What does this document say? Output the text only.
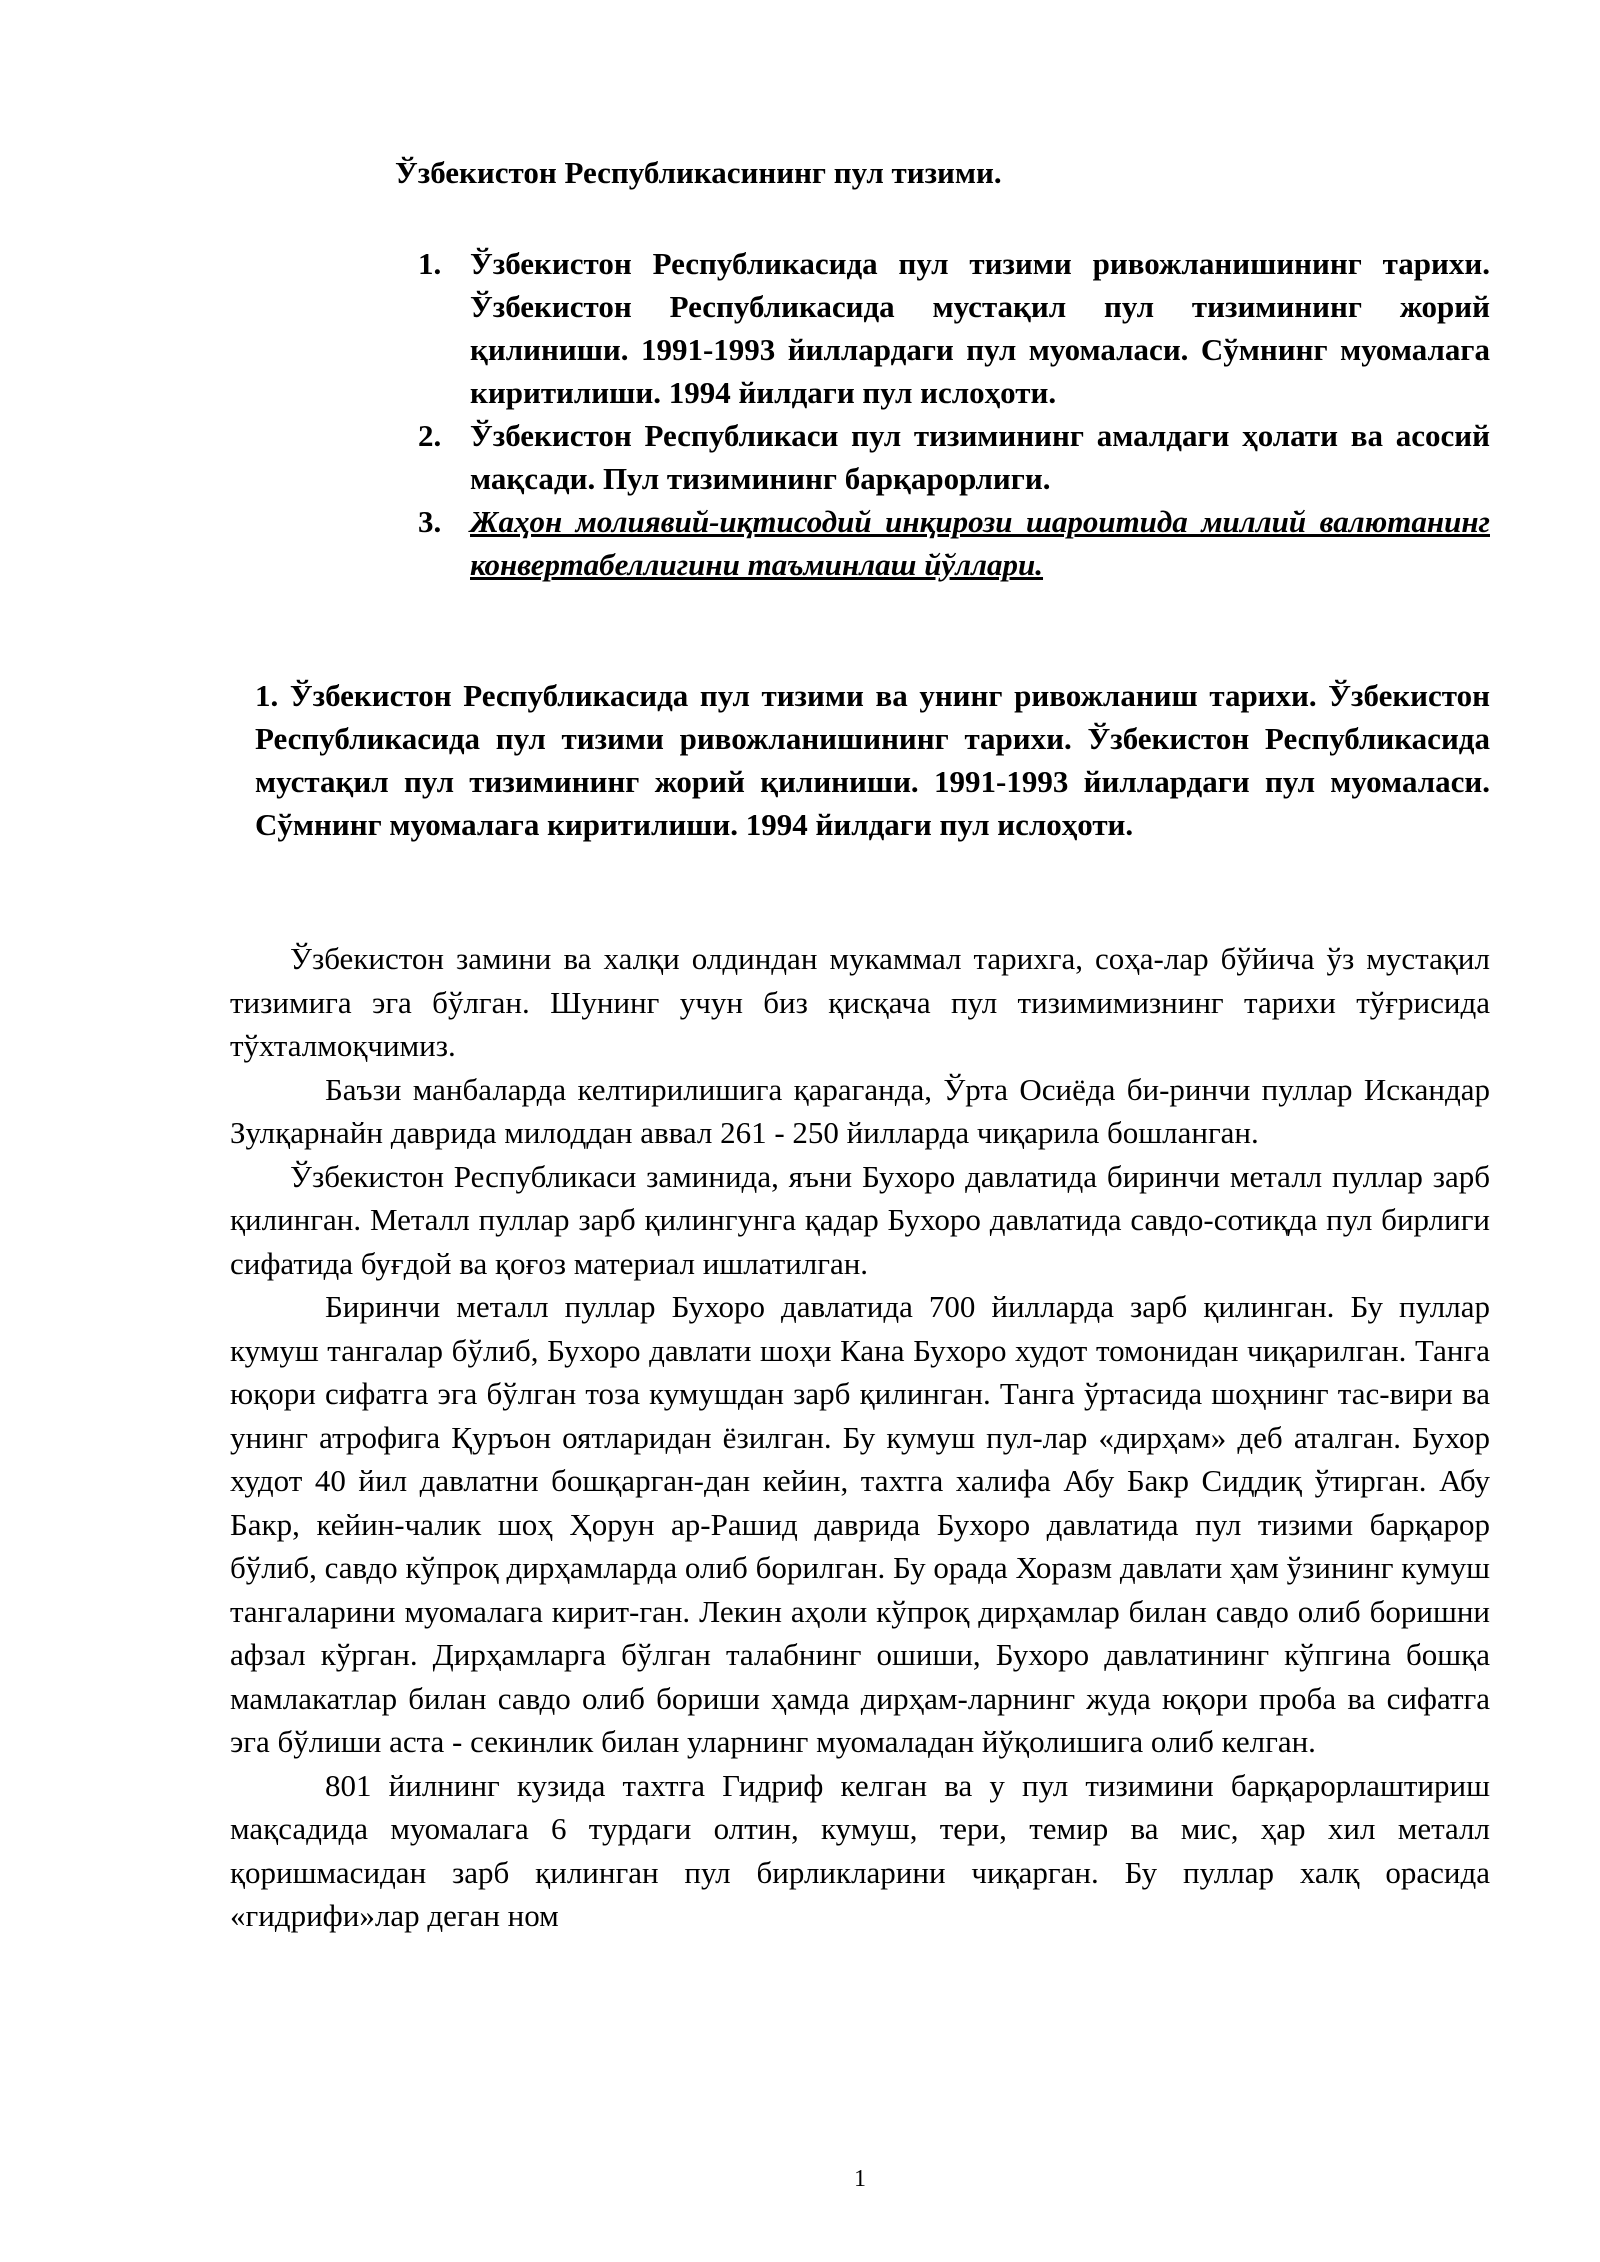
Ўзбекистон Республикасининг пул тизими.
1. Ўзбекистон Республикасида пул тизими ривожланишининг тарихи. Ўзбекистон Республикасида мустақил пул тизимининг жорий қилиниши. 1991-1993 йиллардаги пул муомаласи. Сўмнинг муомалага киритилиши. 1994 йилдаги пул ислоҳоти.
2. Ўзбекистон Республикаси пул тизимининг амалдаги ҳолати ва асосий мақсади. Пул тизимининг барқарорлиги.
3. Жаҳон молиявий-иқтисодий инқирози шароитида миллий валютанинг конвертабеллигини таъминлаш йўллари.
1. Ўзбекистон Республикасида пул тизими ва унинг ривожланиш тарихи. Ўзбекистон Республикасида пул тизими ривожланишининг тарихи. Ўзбекистон Республикасида мустақил пул тизимининг жорий қилиниши. 1991-1993 йиллардаги пул муомаласи. Сўмнинг муомалага киритилиши. 1994 йилдаги пул ислоҳоти.

Ўзбекистон замини ва халқи олдиндан мукаммал тарихга, соҳа-лар бўйича ўз мустақил тизимига эга бўлган. Шунинг учун биз қисқача пул тизимимизнинг тарихи тўғрисида тўхталмоқчимиз.

Баъзи манбаларда келтирилишига қараганда, Ўрта Осиёда би-ринчи пуллар Искандар Зулқарнайн даврида милоддан аввал 261 - 250 йилларда чиқарила бошланган.

Ўзбекистон Республикаси заминида, яъни Бухоро давлатида биринчи металл пуллар зарб қилинган. Металл пуллар зарб қилингунга қадар Бухоро давлатида савдо-сотиқда пул бирлиги сифатида буғдой ва қоғоз материал ишлатилган.

Биринчи металл пуллар Бухоро давлатида 700 йилларда зарб қилинган. Бу пуллар кумуш тангалар бўлиб, Бухоро давлати шоҳи Кана Бухоро худот томонидан чиқарилган. Танга юқори сифатга эга бўлган тоза кумушдан зарб қилинган. Танга ўртасида шоҳнинг тас-вири ва унинг атрофига Қуръон оятларидан ёзилган. Бу кумуш пул-лар «дирҳам» деб аталган. Бухор худот 40 йил давлатни бошқарган-дан кейин, тахтга халифа Абу Бакр Сиддиқ ўтирган. Абу Бакр, кейин-чалик шоҳ Ҳорун ар-Рашид даврида Бухоро давлатида пул тизими барқарор бўлиб, савдо кўпроқ дирҳамларда олиб борилган. Бу орада Хоразм давлати ҳам ўзининг кумуш тангаларини муомалага кирит-ган. Лекин аҳоли кўпроқ дирҳамлар билан савдо олиб боришни афзал кўрган. Дирҳамларга бўлган талабнинг ошиши, Бухоро давлатининг кўпгина бошқа мамлакатлар билан савдо олиб бориши ҳамда дирҳам-ларнинг жуда юқори проба ва сифатга эга бўлиши аста - секинлик билан уларнинг муомаладан йўқолишига олиб келган.

801 йилнинг кузида тахтга Гидриф келган ва у пул тизимини барқарорлаштириш мақсадида муомалага 6 турдаги олтин, кумуш, тери, темир ва мис, ҳар хил металл қоришмасидан зарб қилинган пул бирликларини чиқарган. Бу пуллар халқ орасида «гидрифи»лар деган ном

1
